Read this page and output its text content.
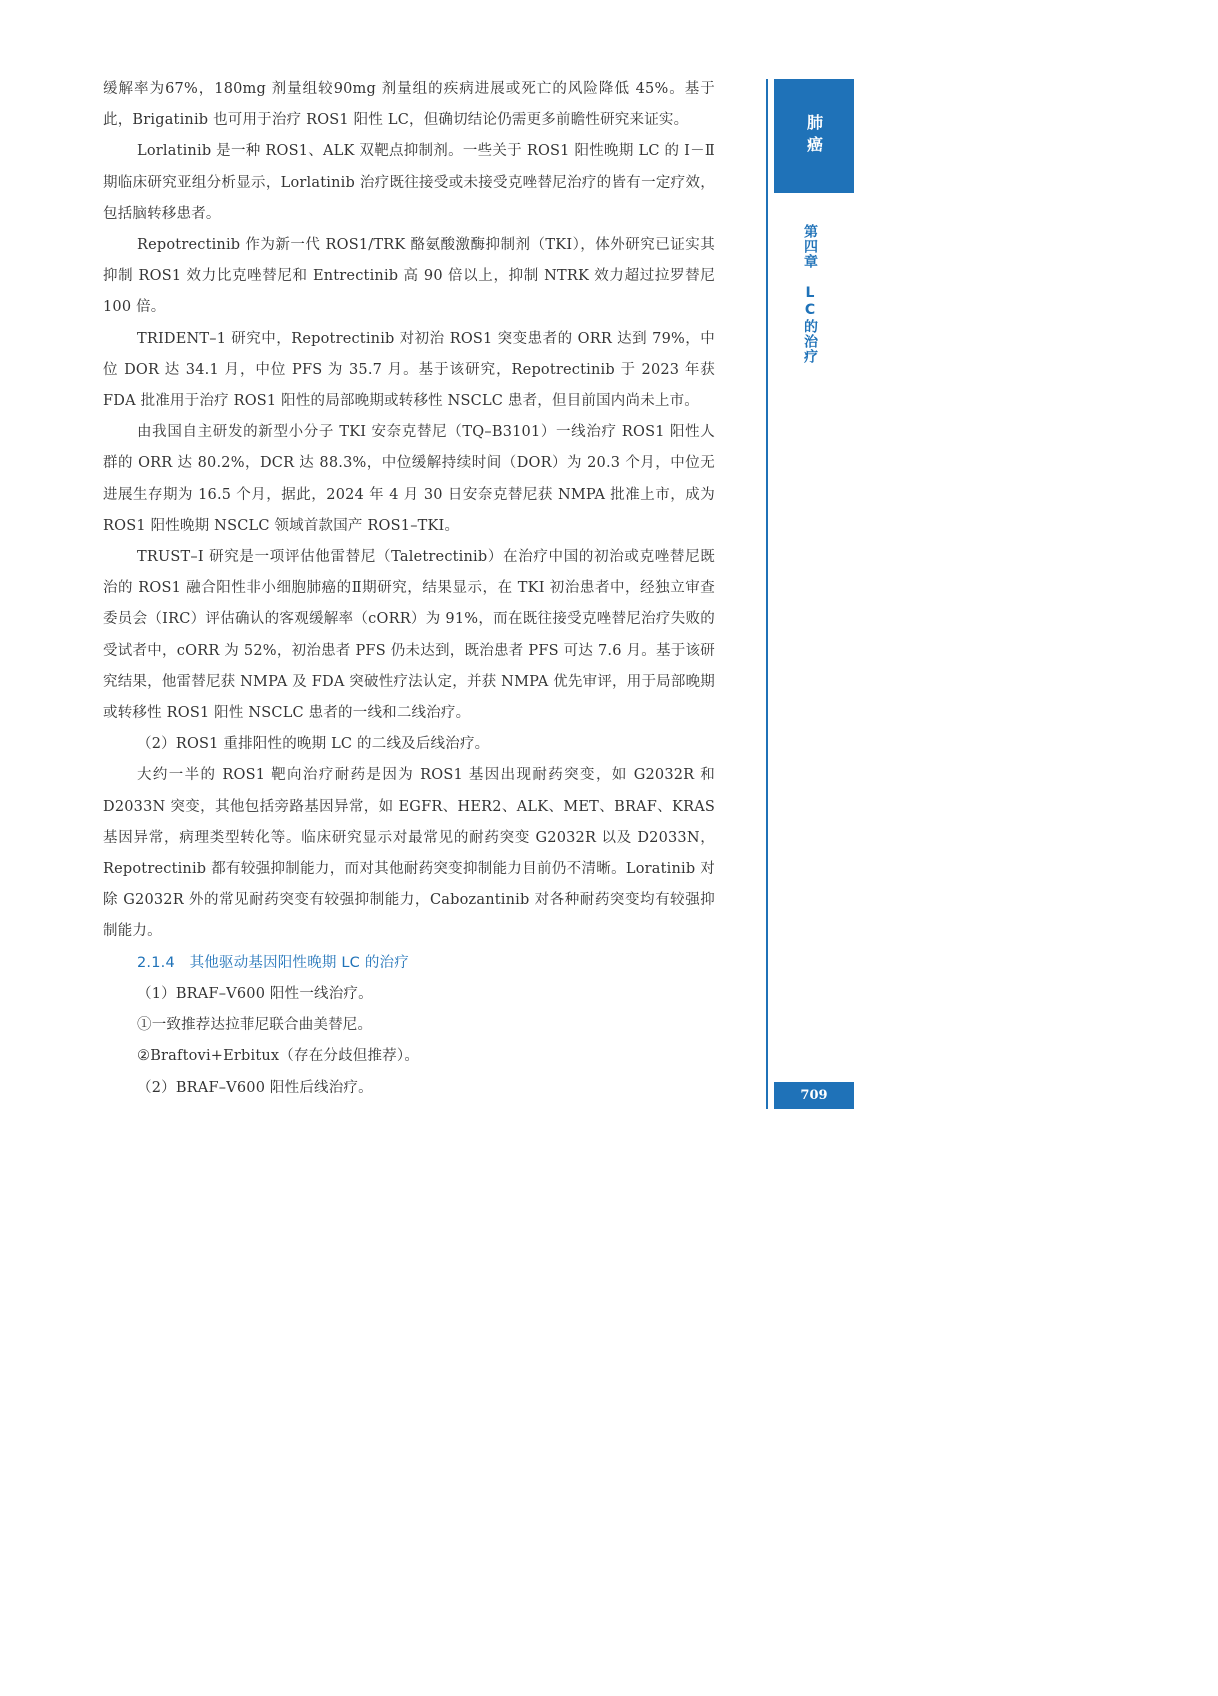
缓解率为67%，180mg 剂量组较90mg 剂量组的疾病进展或死亡的风险降低 45%。基于此，Brigatinib 也可用于治疗 ROS1 阳性 LC，但确切结论仍需更多前瞻性研究来证实。

Lorlatinib 是一种 ROS1、ALK 双靶点抑制剂。一些关于 ROS1 阳性晚期 LC 的 Ⅰ－Ⅱ期临床研究亚组分析显示，Lorlatinib 治疗既往接受或未接受克唑替尼治疗的皆有一定疗效，包括脑转移患者。

Repotrectinib 作为新一代 ROS1/TRK 酪氨酸激酶抑制剂（TKI），体外研究已证实其抑制 ROS1 效力比克唑替尼和 Entrectinib 高 90 倍以上，抑制 NTRK 效力超过拉罗替尼 100 倍。

TRIDENT–1 研究中，Repotrectinib 对初治 ROS1 突变患者的 ORR 达到 79%，中位 DOR 达 34.1 月，中位 PFS 为 35.7 月。基于该研究，Repotrectinib 于 2023 年获 FDA 批准用于治疗 ROS1 阳性的局部晚期或转移性 NSCLC 患者，但目前国内尚未上市。

由我国自主研发的新型小分子 TKI 安奈克替尼（TQ–B3101）一线治疗 ROS1 阳性人群的 ORR 达 80.2%，DCR 达 88.3%，中位缓解持续时间（DOR）为 20.3 个月，中位无进展生存期为 16.5 个月，据此，2024 年 4 月 30 日安奈克替尼获 NMPA 批准上市，成为 ROS1 阳性晚期 NSCLC 领域首款国产 ROS1–TKI。

TRUST–I 研究是一项评估他雷替尼（Taletrectinib）在治疗中国的初治或克唑替尼既治的 ROS1 融合阳性非小细胞肺癌的Ⅱ期研究，结果显示，在 TKI 初治患者中，经独立审查委员会（IRC）评估确认的客观缓解率（cORR）为 91%，而在既往接受克唑替尼治疗失败的受试者中，cORR 为 52%，初治患者 PFS 仍未达到，既治患者 PFS 可达 7.6 月。基于该研究结果，他雷替尼获 NMPA 及 FDA 突破性疗法认定，并获 NMPA 优先审评，用于局部晚期或转移性 ROS1 阳性 NSCLC 患者的一线和二线治疗。

（2）ROS1 重排阳性的晚期 LC 的二线及后线治疗。

大约一半的 ROS1 靶向治疗耐药是因为 ROS1 基因出现耐药突变，如 G2032R 和 D2033N 突变，其他包括旁路基因异常，如 EGFR、HER2、ALK、MET、BRAF、KRAS 基因异常，病理类型转化等。临床研究显示对最常见的耐药突变 G2032R 以及 D2033N，Repotrectinib 都有较强抑制能力，而对其他耐药突变抑制能力目前仍不清晰。Loratinib 对除 G2032R 外的常见耐药突变有较强抑制能力，Cabozantinib 对各种耐药突变均有较强抑制能力。

2.1.4　其他驱动基因阳性晚期 LC 的治疗

（1）BRAF–V600 阳性一线治疗。

①一致推荐达拉菲尼联合曲美替尼。

②Braftovi+Erbitux（存在分歧但推荐）。

（2）BRAF–V600 阳性后线治疗。

肺癌
第四章LC的治疗
709
